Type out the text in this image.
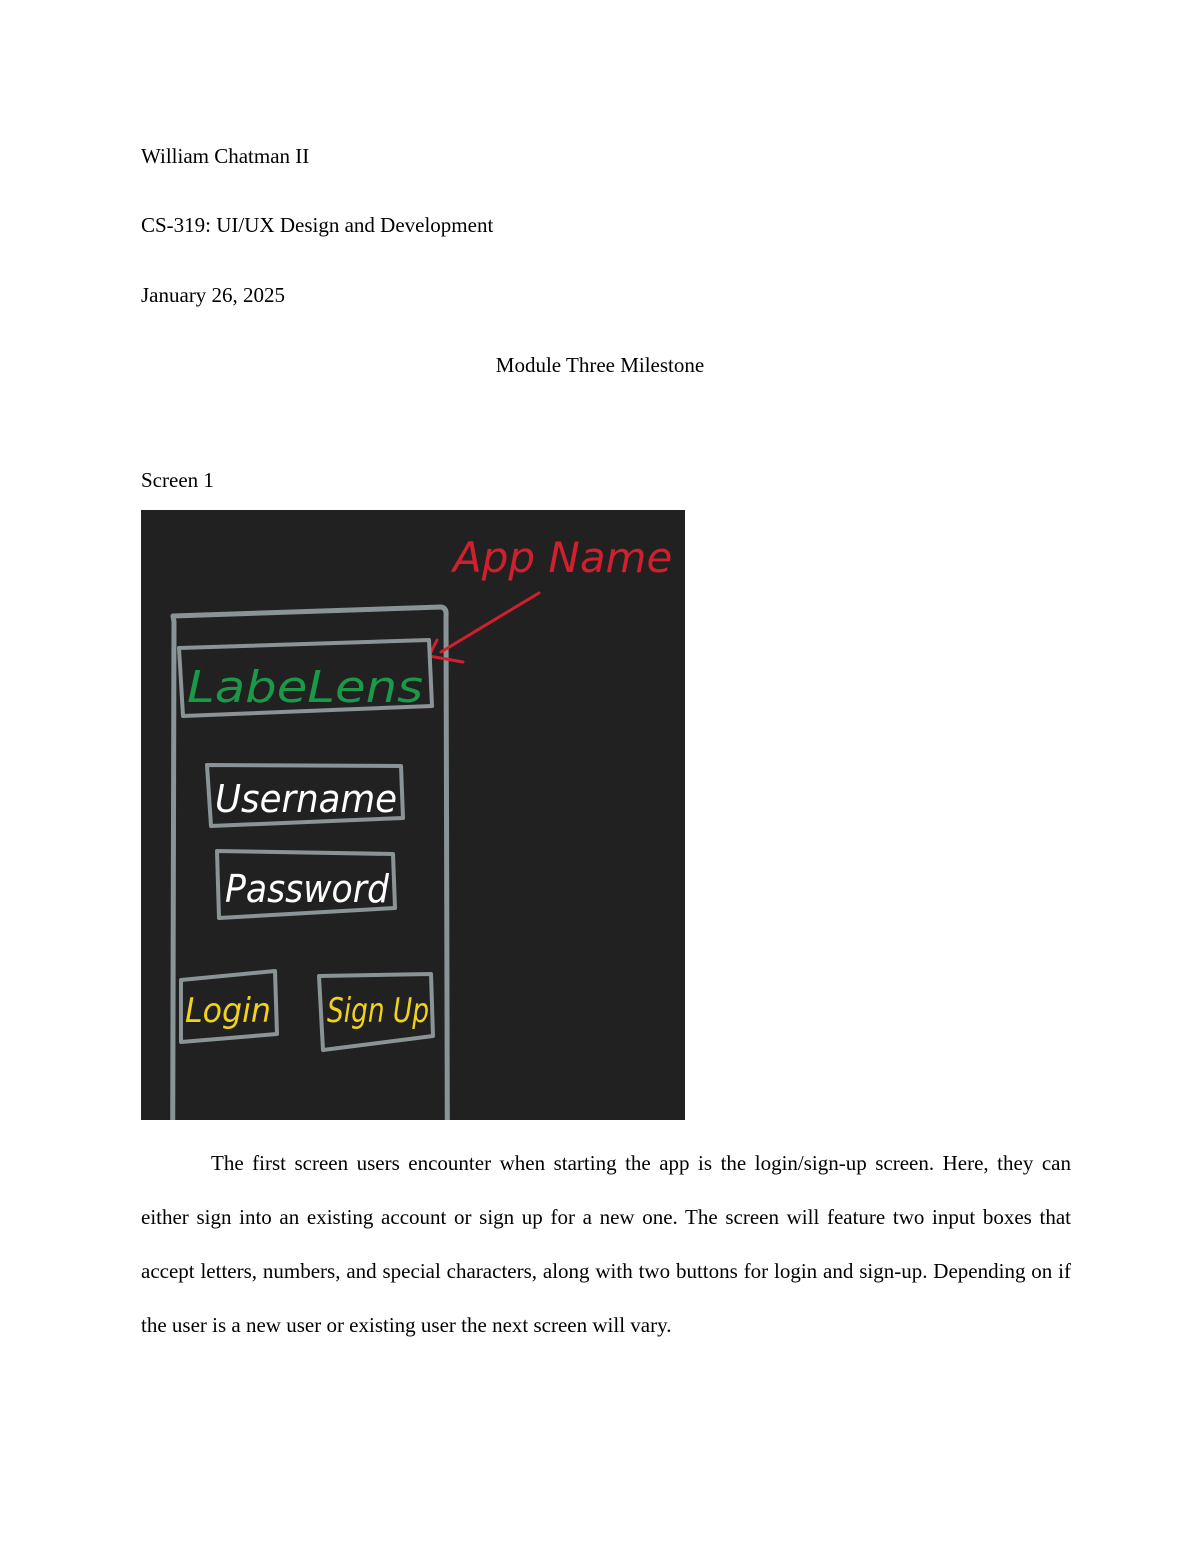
William Chatman II
CS-319: UI/UX Design and Development
January 26, 2025
Module Three Milestone
Screen 1
App Name
LabeLens
Username
Password
Login Sign Up

The first screen users encounter when starting the app is the login/sign-up screen. Here, they can either sign into an existing account or sign up for a new one. The screen will feature two input boxes that accept letters, numbers, and special characters, along with two buttons for login and sign-up. Depending on if the user is a new user or existing user the next screen will vary.
